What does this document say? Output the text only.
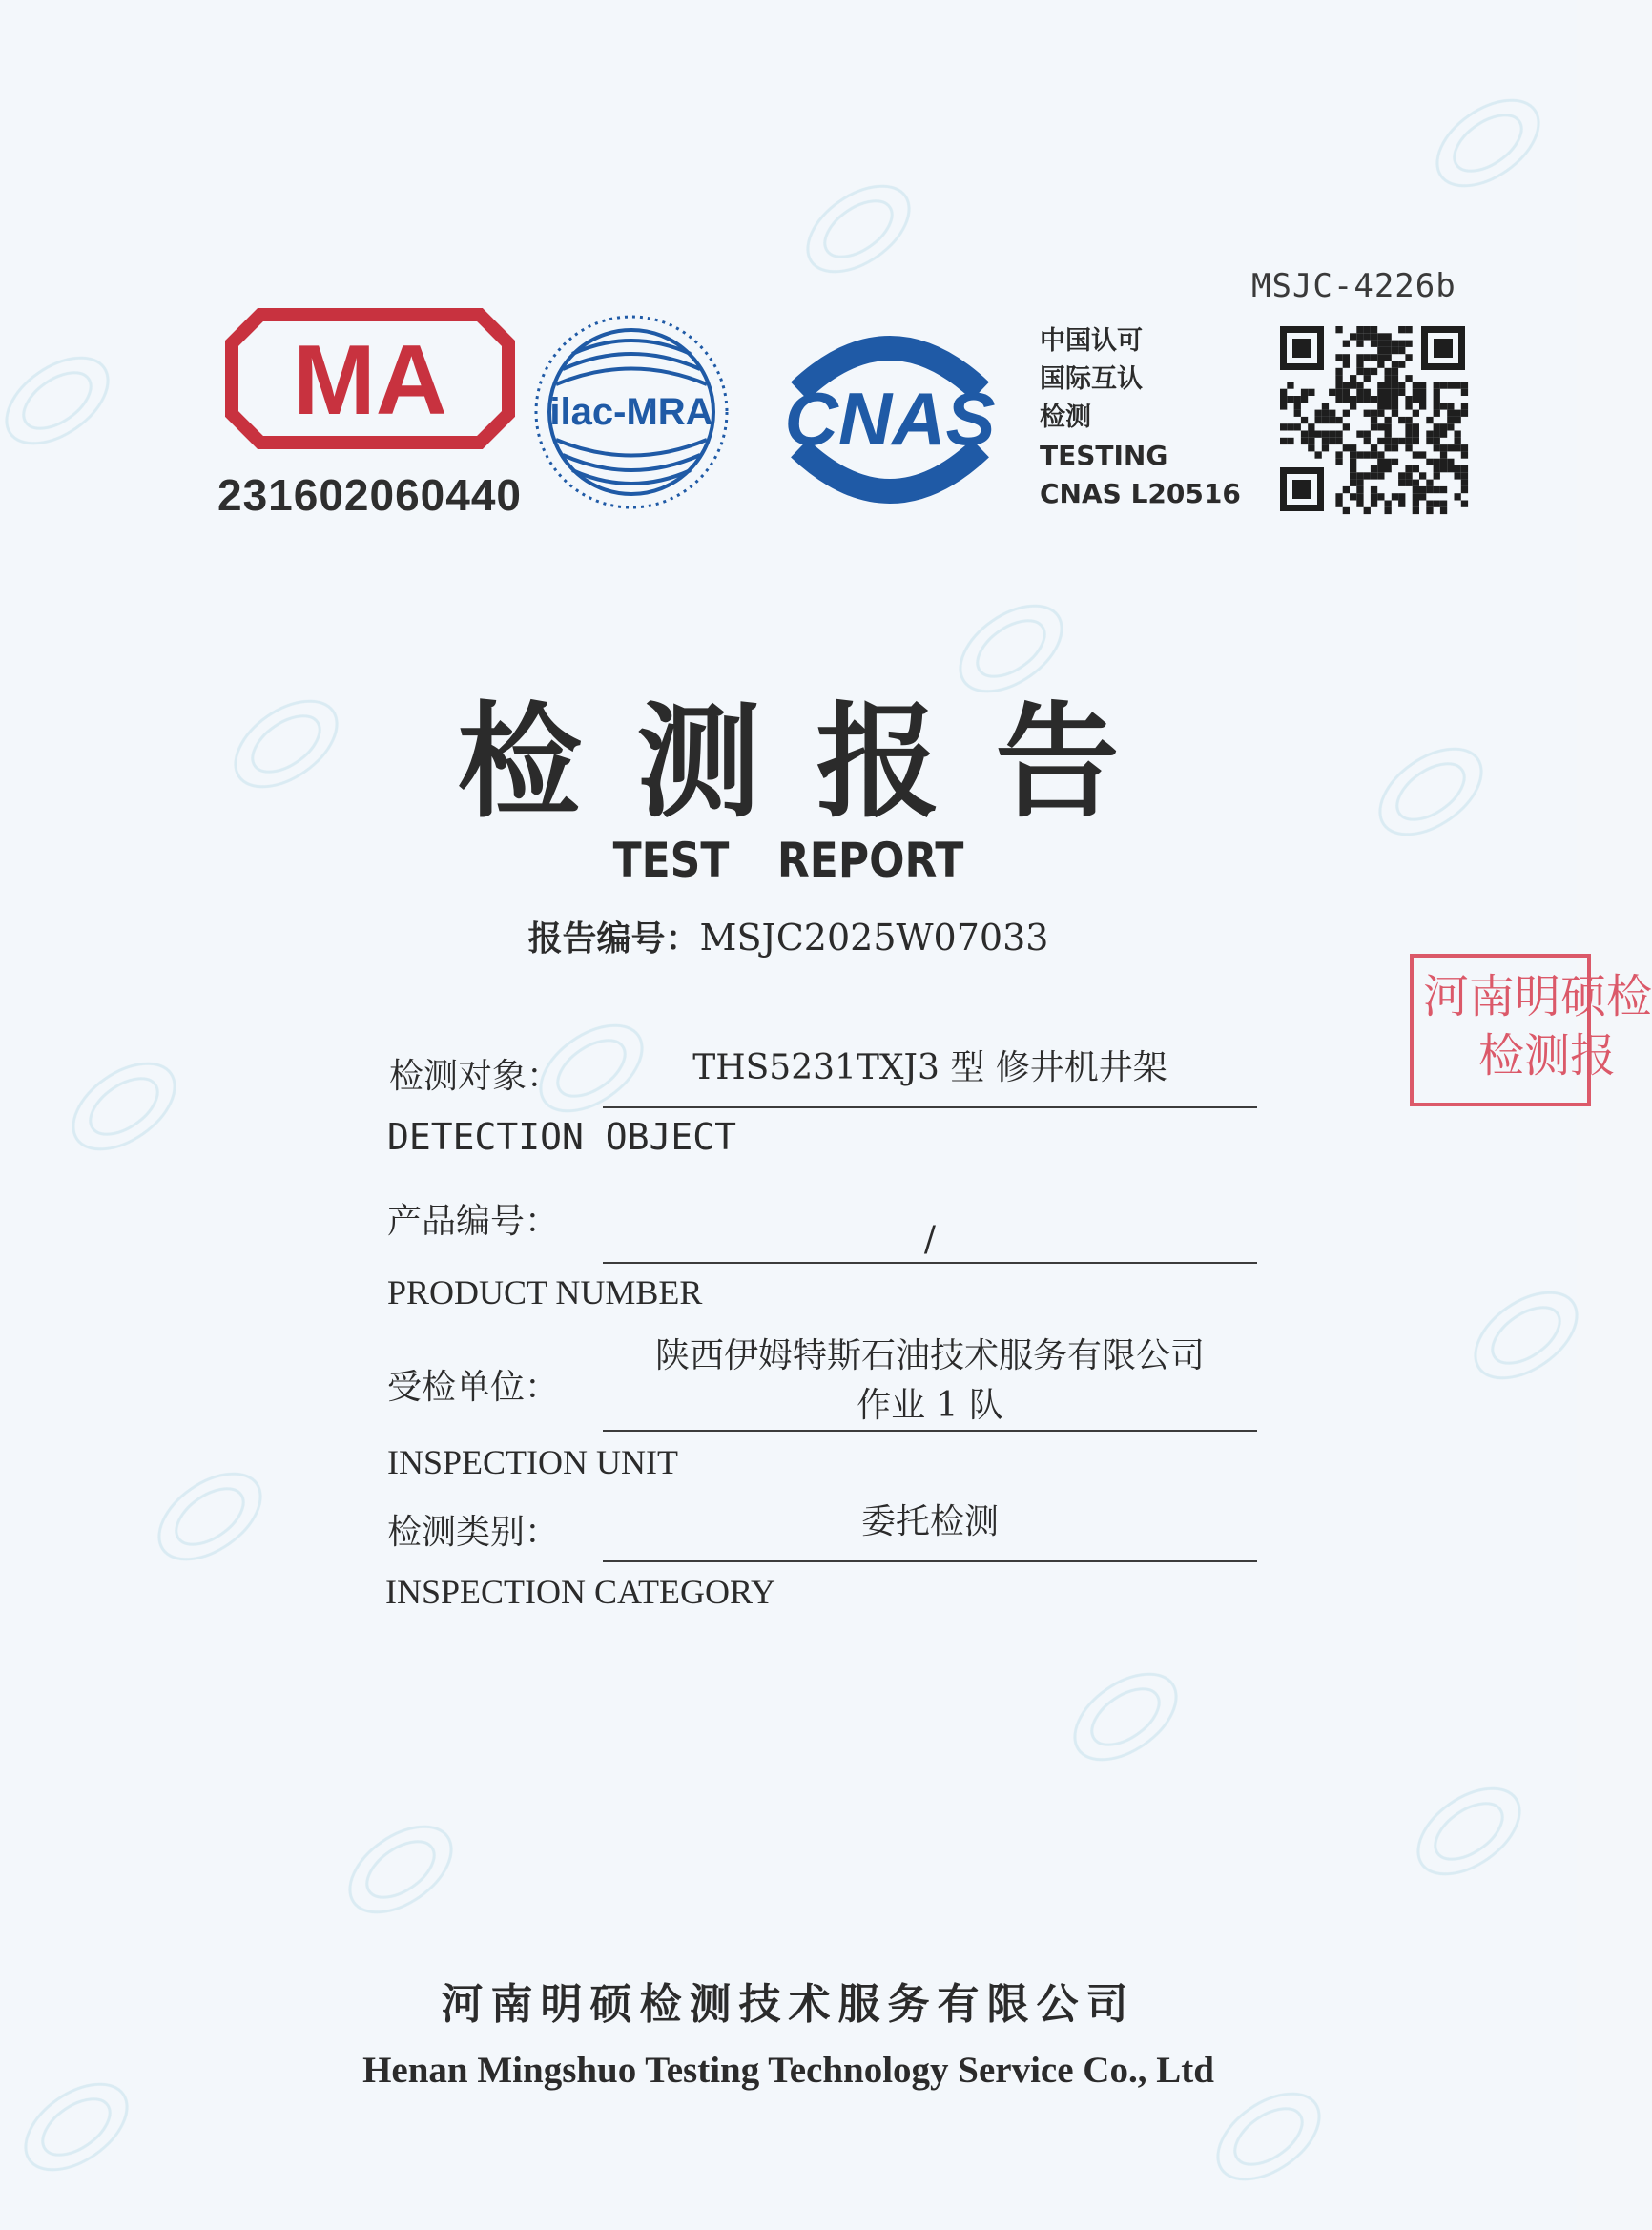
MSJC-4226b
MA
231602060440
ilac-MRA CNAS
中国认可
国际互认
检测
TESTING
CNAS L20516
检测报告
TEST REPORT
报告编号：MSJC2025W07033
河南明硕检
检测报
检测对象：	THS5231TXJ3 型 修井机井架
DETECTION OBJECT
产品编号：	/
PRODUCT NUMBER
受检单位：
陕西伊姆特斯石油技术服务有限公司
作业 1 队
INSPECTION UNIT
检测类别：	委托检测
INSPECTION CATEGORY
河南明硕检测技术服务有限公司
Henan Mingshuo Testing Technology Service Co., Ltd
